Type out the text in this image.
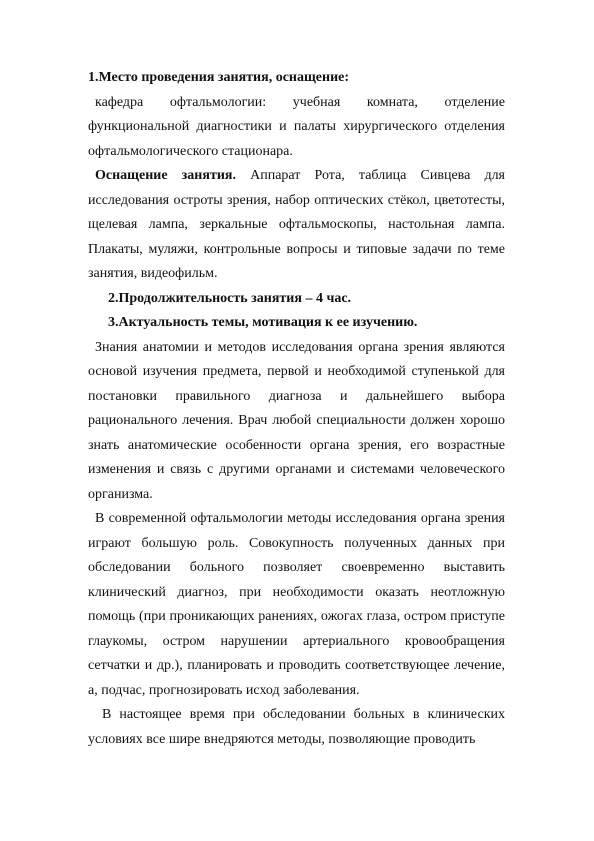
1.Место проведения занятия, оснащение:

кафедра офтальмологии: учебная комната, отделение функциональной диагностики и палаты хирургического отделения офтальмологического стационара.

Оснащение занятия. Аппарат Рота, таблица Сивцева для исследования остроты зрения, набор оптических стёкол, цветотесты, щелевая лампа, зеркальные офтальмоскопы, настольная лампа. Плакаты, муляжи, контрольные вопросы и типовые задачи по теме занятия, видеофильм.

2.Продолжительность занятия – 4 час.

3.Актуальность темы, мотивация к ее изучению.

Знания анатомии и методов исследования органа зрения являются основой изучения предмета, первой и необходимой ступенькой для постановки правильного диагноза и дальнейшего выбора рационального лечения. Врач любой специальности должен хорошо знать анатомические особенности органа зрения, его возрастные изменения и связь с другими органами и системами человеческого организма.

В современной офтальмологии методы исследования органа зрения играют большую роль. Совокупность полученных данных при обследовании больного позволяет своевременно выставить клинический диагноз, при необходимости оказать неотложную помощь (при проникающих ранениях, ожогах глаза, остром приступе глаукомы, остром нарушении артериального кровообращения сетчатки и др.), планировать и проводить соответствующее лечение, а, подчас, прогнозировать исход заболевания.

В настоящее время при обследовании больных в клинических условиях все шире внедряются методы, позволяющие проводить
